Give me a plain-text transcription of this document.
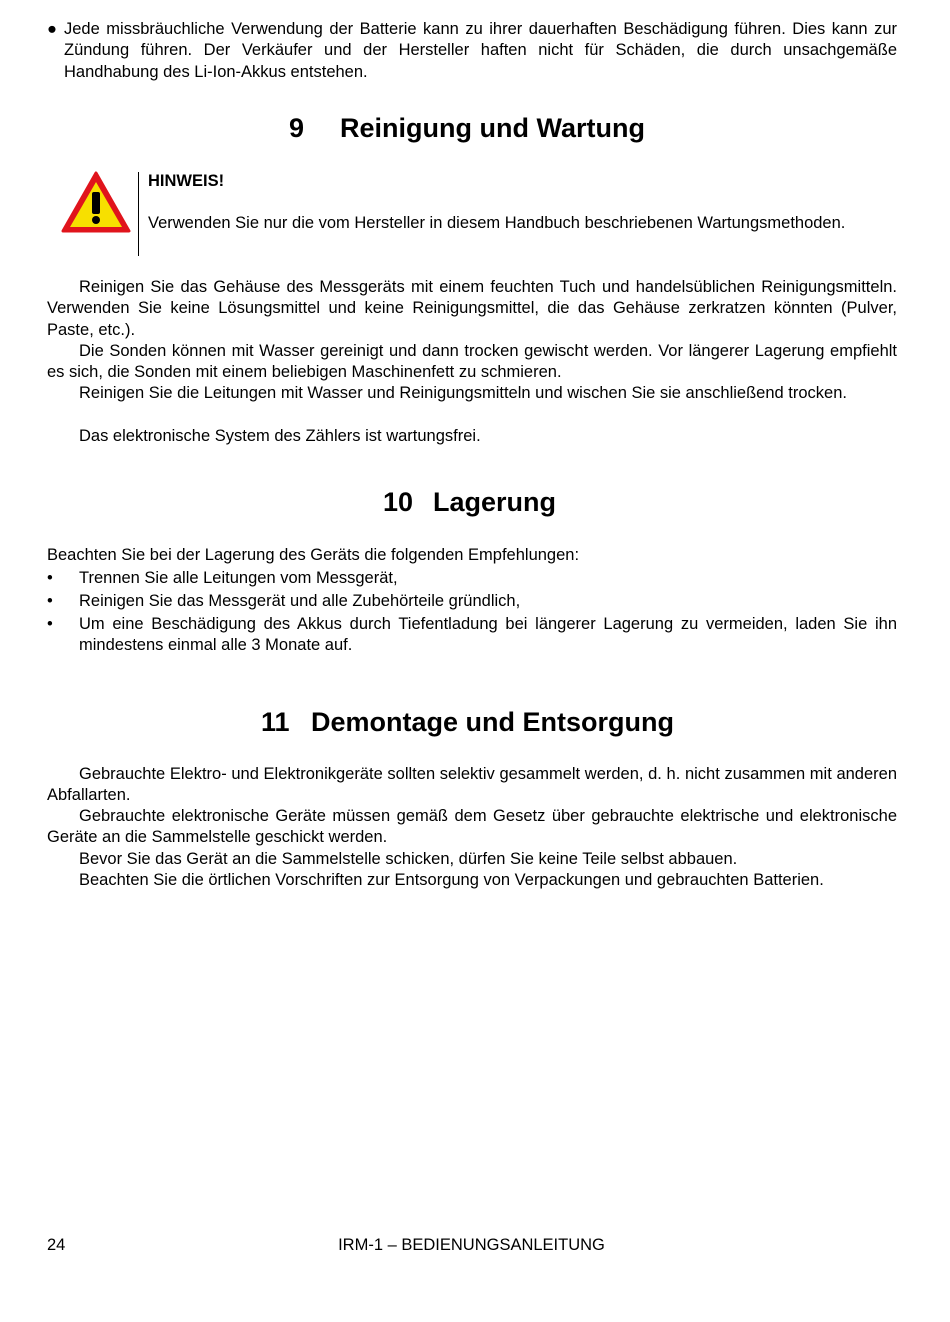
● Jede missbräuchliche Verwendung der Batterie kann zu ihrer dauerhaften Beschädigung führen. Dies kann zur Zündung führen. Der Verkäufer und der Hersteller haften nicht für Schäden, die durch unsachgemäße Handhabung des Li-Ion-Akkus entstehen.
9 Reinigung und Wartung
HINWEIS!

Verwenden Sie nur die vom Hersteller in diesem Handbuch beschriebenen Wartungsmethoden.

Reinigen Sie das Gehäuse des Messgeräts mit einem feuchten Tuch und handelsüblichen Reinigungsmitteln. Verwenden Sie keine Lösungsmittel und keine Reinigungsmittel, die das Gehäuse zerkratzen könnten (Pulver, Paste, etc.).

Die Sonden können mit Wasser gereinigt und dann trocken gewischt werden. Vor längerer Lagerung empfiehlt es sich, die Sonden mit einem beliebigen Maschinenfett zu schmieren.

Reinigen Sie die Leitungen mit Wasser und Reinigungsmitteln und wischen Sie sie anschließend trocken.

Das elektronische System des Zählers ist wartungsfrei.

10 Lagerung

Beachten Sie bei der Lagerung des Geräts die folgenden Empfehlungen:

•	Trennen Sie alle Leitungen vom Messgerät,
•	Reinigen Sie das Messgerät und alle Zubehörteile gründlich,
•	Um eine Beschädigung des Akkus durch Tiefentladung bei längerer Lagerung zu vermeiden, laden Sie ihn mindestens einmal alle 3 Monate auf.
11 Demontage und Entsorgung

Gebrauchte Elektro- und Elektronikgeräte sollten selektiv gesammelt werden, d. h. nicht zusammen mit anderen Abfallarten.

Gebrauchte elektronische Geräte müssen gemäß dem Gesetz über gebrauchte elektrische und elektronische Geräte an die Sammelstelle geschickt werden.

Bevor Sie das Gerät an die Sammelstelle schicken, dürfen Sie keine Teile selbst abbauen.

Beachten Sie die örtlichen Vorschriften zur Entsorgung von Verpackungen und gebrauchten Batterien.

24	IRM-1 – BEDIENUNGSANLEITUNG
